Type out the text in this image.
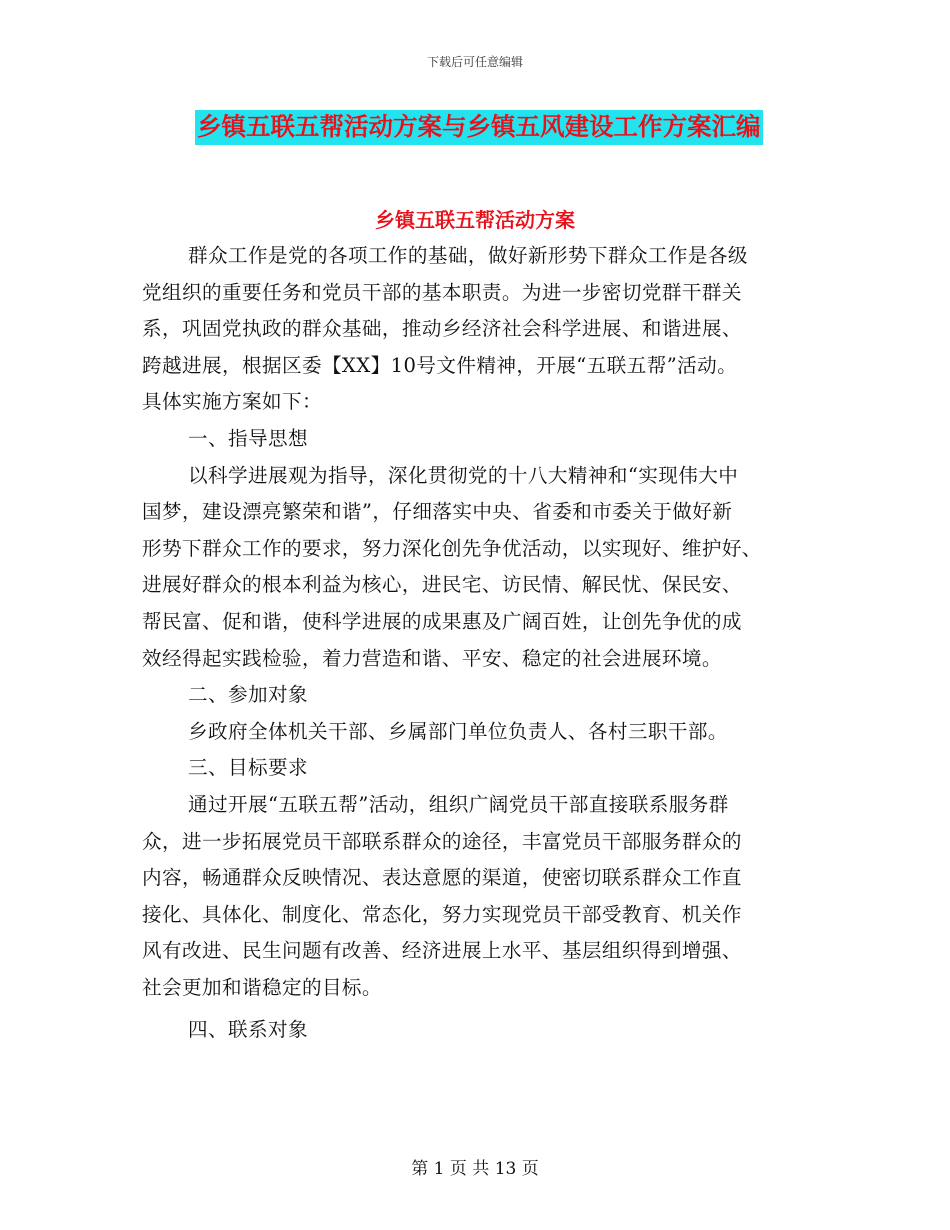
下载后可任意编辑
乡镇五联五帮活动方案与乡镇五风建设工作方案汇编
乡镇五联五帮活动方案
群众工作是党的各项工作的基础，做好新形势下群众工作是各级
党组织的重要任务和党员干部的基本职责。为进一步密切党群干群关
系，巩固党执政的群众基础，推动乡经济社会科学进展、和谐进展、
跨越进展，根据区委【XX】10号文件精神，开展“五联五帮”活动。
具体实施方案如下：
一、指导思想
以科学进展观为指导，深化贯彻党的十八大精神和“实现伟大中
国梦，建设漂亮繁荣和谐”，仔细落实中央、省委和市委关于做好新
形势下群众工作的要求，努力深化创先争优活动，以实现好、维护好、
进展好群众的根本利益为核心，进民宅、访民情、解民忧、保民安、
帮民富、促和谐，使科学进展的成果惠及广阔百姓，让创先争优的成
效经得起实践检验，着力营造和谐、平安、稳定的社会进展环境。
二、参加对象
乡政府全体机关干部、乡属部门单位负责人、各村三职干部。
三、目标要求
通过开展“五联五帮”活动，组织广阔党员干部直接联系服务群
众，进一步拓展党员干部联系群众的途径，丰富党员干部服务群众的
内容，畅通群众反映情况、表达意愿的渠道，使密切联系群众工作直
接化、具体化、制度化、常态化，努力实现党员干部受教育、机关作
风有改进、民生问题有改善、经济进展上水平、基层组织得到增强、
社会更加和谐稳定的目标。
四、联系对象
第 1 页 共 13 页
